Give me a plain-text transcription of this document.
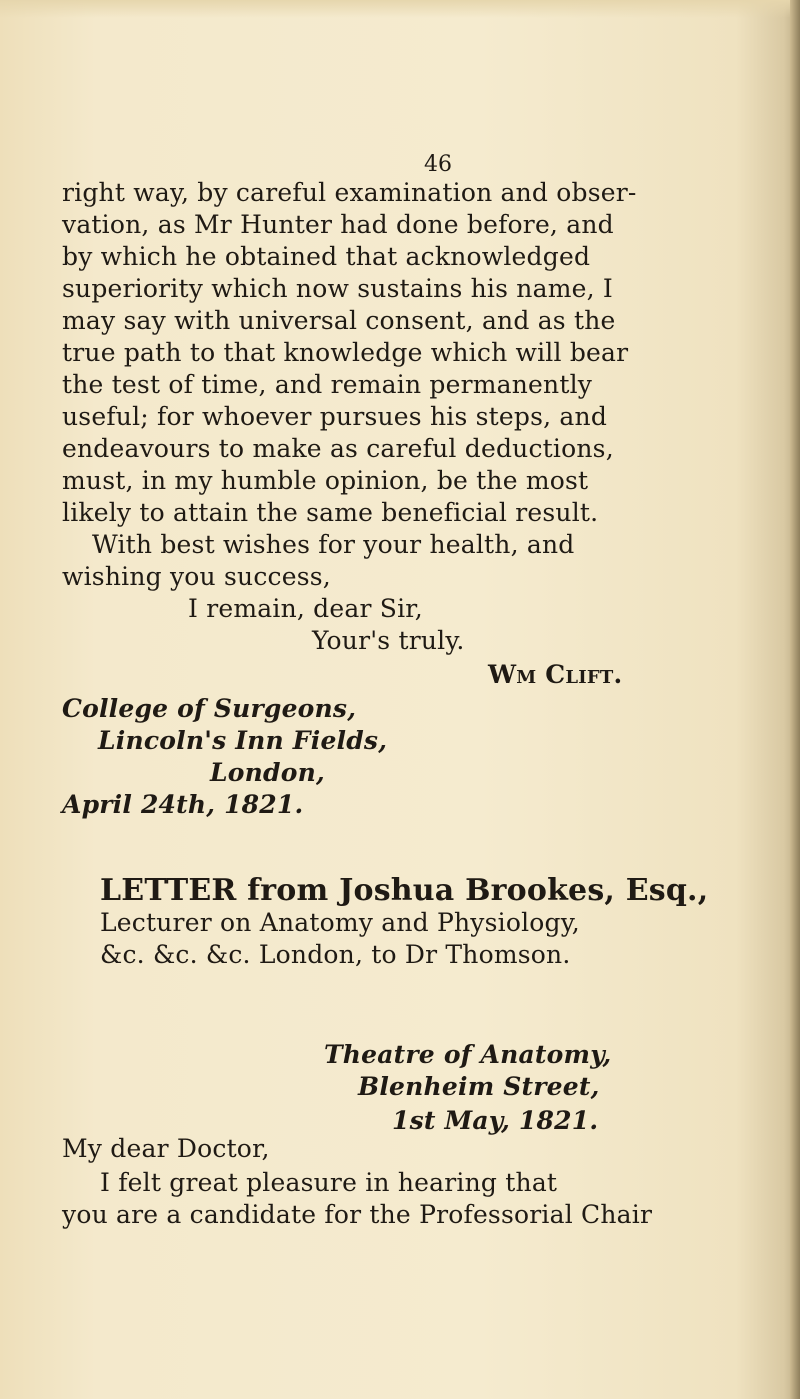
46
right way, by careful examination and obser-
vation, as Mr Hunter had done before, and
by which he obtained that acknowledged
superiority which now sustains his name, I
may say with universal consent, and as the
true path to that knowledge which will bear
the test of time, and remain permanently
useful; for whoever pursues his steps, and
endeavours to make as careful deductions,
must, in my humble opinion, be the most
likely to attain the same beneficial result.
With best wishes for your health, and
wishing you success,
I remain, dear Sir,
Your's truly.
Wm Clift.
College of Surgeons,
Lincoln's Inn Fields,
London,
April 24th, 1821.
LETTER from Joshua Brookes, Esq.,
Lecturer on Anatomy and Physiology,
&c. &c. &c. London, to Dr Thomson.
Theatre of Anatomy,
Blenheim Street,
1st May, 1821.
My dear Doctor,
I felt great pleasure in hearing that
you are a candidate for the Professorial Chair
